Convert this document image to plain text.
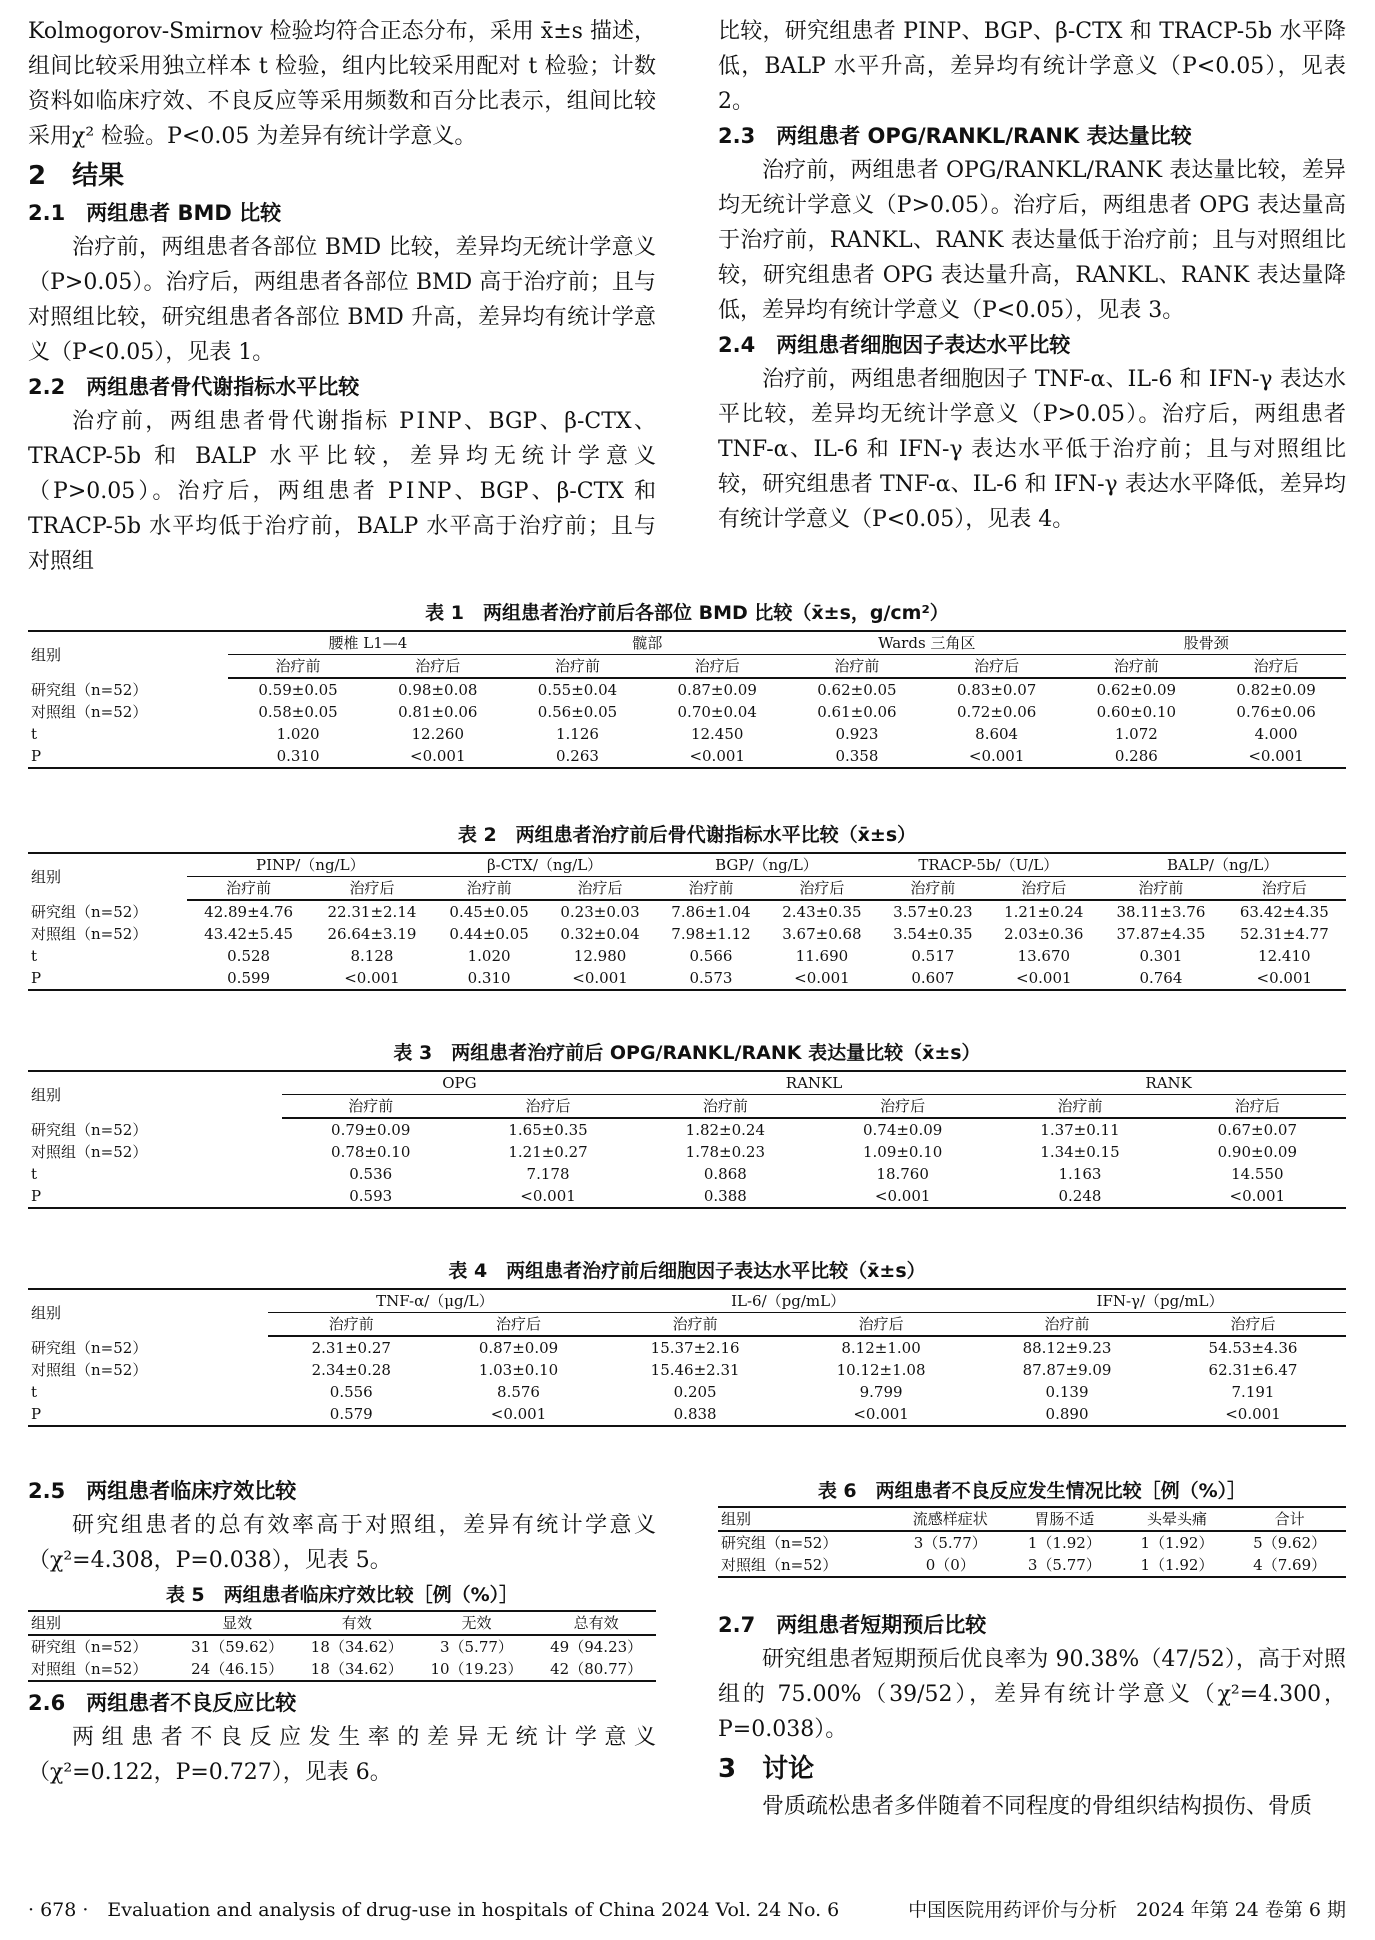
Kolmogorov-Smirnov 检验均符合正态分布，采用 x̄±s 描述，组间比较采用独立样本 t 检验，组内比较采用配对 t 检验；计数资料如临床疗效、不良反应等采用频数和百分比表示，组间比较采用χ² 检验。P<0.05 为差异有统计学意义。

2　结果
2.1　两组患者 BMD 比较

治疗前，两组患者各部位 BMD 比较，差异均无统计学意义（P>0.05）。治疗后，两组患者各部位 BMD 高于治疗前；且与对照组比较，研究组患者各部位 BMD 升高，差异均有统计学意义（P<0.05），见表 1。

2.2　两组患者骨代谢指标水平比较

治疗前，两组患者骨代谢指标 PⅠNP、BGP、β-CTX、TRACP-5b 和 BALP 水平比较，差异均无统计学意义（P>0.05）。治疗后，两组患者 PⅠNP、BGP、β-CTX 和 TRACP-5b 水平均低于治疗前，BALP 水平高于治疗前；且与对照组

比较，研究组患者 PⅠNP、BGP、β-CTX 和 TRACP-5b 水平降低，BALP 水平升高，差异均有统计学意义（P<0.05），见表 2。

2.3　两组患者 OPG/RANKL/RANK 表达量比较

治疗前，两组患者 OPG/RANKL/RANK 表达量比较，差异均无统计学意义（P>0.05）。治疗后，两组患者 OPG 表达量高于治疗前，RANKL、RANK 表达量低于治疗前；且与对照组比较，研究组患者 OPG 表达量升高，RANKL、RANK 表达量降低，差异均有统计学意义（P<0.05），见表 3。

2.4　两组患者细胞因子表达水平比较

治疗前，两组患者细胞因子 TNF-α、IL-6 和 IFN-γ 表达水平比较，差异均无统计学意义（P>0.05）。治疗后，两组患者 TNF-α、IL-6 和 IFN-γ 表达水平低于治疗前；且与对照组比较，研究组患者 TNF-α、IL-6 和 IFN-γ 表达水平降低，差异均有统计学意义（P<0.05），见表 4。

表 1　两组患者治疗前后各部位 BMD 比较（x̄±s，g/cm²）
组别	腰椎 L1—4		髋部		Wards 三角区		股骨颈	
	治疗前	治疗后	治疗前	治疗后	治疗前	治疗后	治疗前	治疗后
研究组（n=52）	0.59±0.05	0.98±0.08	0.55±0.04	0.87±0.09	0.62±0.05	0.83±0.07	0.62±0.09	0.82±0.09
对照组（n=52）	0.58±0.05	0.81±0.06	0.56±0.05	0.70±0.04	0.61±0.06	0.72±0.06	0.60±0.10	0.76±0.06
t	1.020	12.260	1.126	12.450	0.923	8.604	1.072	4.000
P	0.310	<0.001	0.263	<0.001	0.358	<0.001	0.286	<0.001
表 2　两组患者治疗前后骨代谢指标水平比较（x̄±s）
组别	PⅠNP/（ng/L）		β-CTX/（ng/L）		BGP/（ng/L）		TRACP-5b/（U/L）		BALP/（ng/L）	
	治疗前	治疗后	治疗前	治疗后	治疗前	治疗后	治疗前	治疗后	治疗前	治疗后
研究组（n=52）	42.89±4.76	22.31±2.14	0.45±0.05	0.23±0.03	7.86±1.04	2.43±0.35	3.57±0.23	1.21±0.24	38.11±3.76	63.42±4.35
对照组（n=52）	43.42±5.45	26.64±3.19	0.44±0.05	0.32±0.04	7.98±1.12	3.67±0.68	3.54±0.35	2.03±0.36	37.87±4.35	52.31±4.77
t	0.528	8.128	1.020	12.980	0.566	11.690	0.517	13.670	0.301	12.410
P	0.599	<0.001	0.310	<0.001	0.573	<0.001	0.607	<0.001	0.764	<0.001
表 3　两组患者治疗前后 OPG/RANKL/RANK 表达量比较（x̄±s）
组别	OPG		RANKL		RANK	
	治疗前	治疗后	治疗前	治疗后	治疗前	治疗后
研究组（n=52）	0.79±0.09	1.65±0.35	1.82±0.24	0.74±0.09	1.37±0.11	0.67±0.07
对照组（n=52）	0.78±0.10	1.21±0.27	1.78±0.23	1.09±0.10	1.34±0.15	0.90±0.09
t	0.536	7.178	0.868	18.760	1.163	14.550
P	0.593	<0.001	0.388	<0.001	0.248	<0.001
表 4　两组患者治疗前后细胞因子表达水平比较（x̄±s）
组别	TNF-α/（μg/L）		IL-6/（pg/mL）		IFN-γ/（pg/mL）	
	治疗前	治疗后	治疗前	治疗后	治疗前	治疗后
研究组（n=52）	2.31±0.27	0.87±0.09	15.37±2.16	8.12±1.00	88.12±9.23	54.53±4.36
对照组（n=52）	2.34±0.28	1.03±0.10	15.46±2.31	10.12±1.08	87.87±9.09	62.31±6.47
t	0.556	8.576	0.205	9.799	0.139	7.191
P	0.579	<0.001	0.838	<0.001	0.890	<0.001
2.5　两组患者临床疗效比较

研究组患者的总有效率高于对照组，差异有统计学意义（χ²=4.308，P=0.038），见表 5。

表 5　两组患者临床疗效比较［例（%）］
组别	显效	有效	无效	总有效
研究组（n=52）	31（59.62）	18（34.62）	3（5.77）	49（94.23）
对照组（n=52）	24（46.15）	18（34.62）	10（19.23）	42（80.77）
2.6　两组患者不良反应比较

两组患者不良反应发生率的差异无统计学意义（χ²=0.122，P=0.727），见表 6。

表 6　两组患者不良反应发生情况比较［例（%）］
组别	流感样症状	胃肠不适	头晕头痛	合计
研究组（n=52）	3（5.77）	1（1.92）	1（1.92）	5（9.62）
对照组（n=52）	0（0）	3（5.77）	1（1.92）	4（7.69）
2.7　两组患者短期预后比较

研究组患者短期预后优良率为 90.38%（47/52），高于对照组的 75.00%（39/52），差异有统计学意义（χ²=4.300，P=0.038）。

3　讨论

骨质疏松患者多伴随着不同程度的骨组织结构损伤、骨质

· 678 ·　Evaluation and analysis of drug-use in hospitals of China 2024 Vol. 24 No. 6	中国医院用药评价与分析　2024 年第 24 卷第 6 期
